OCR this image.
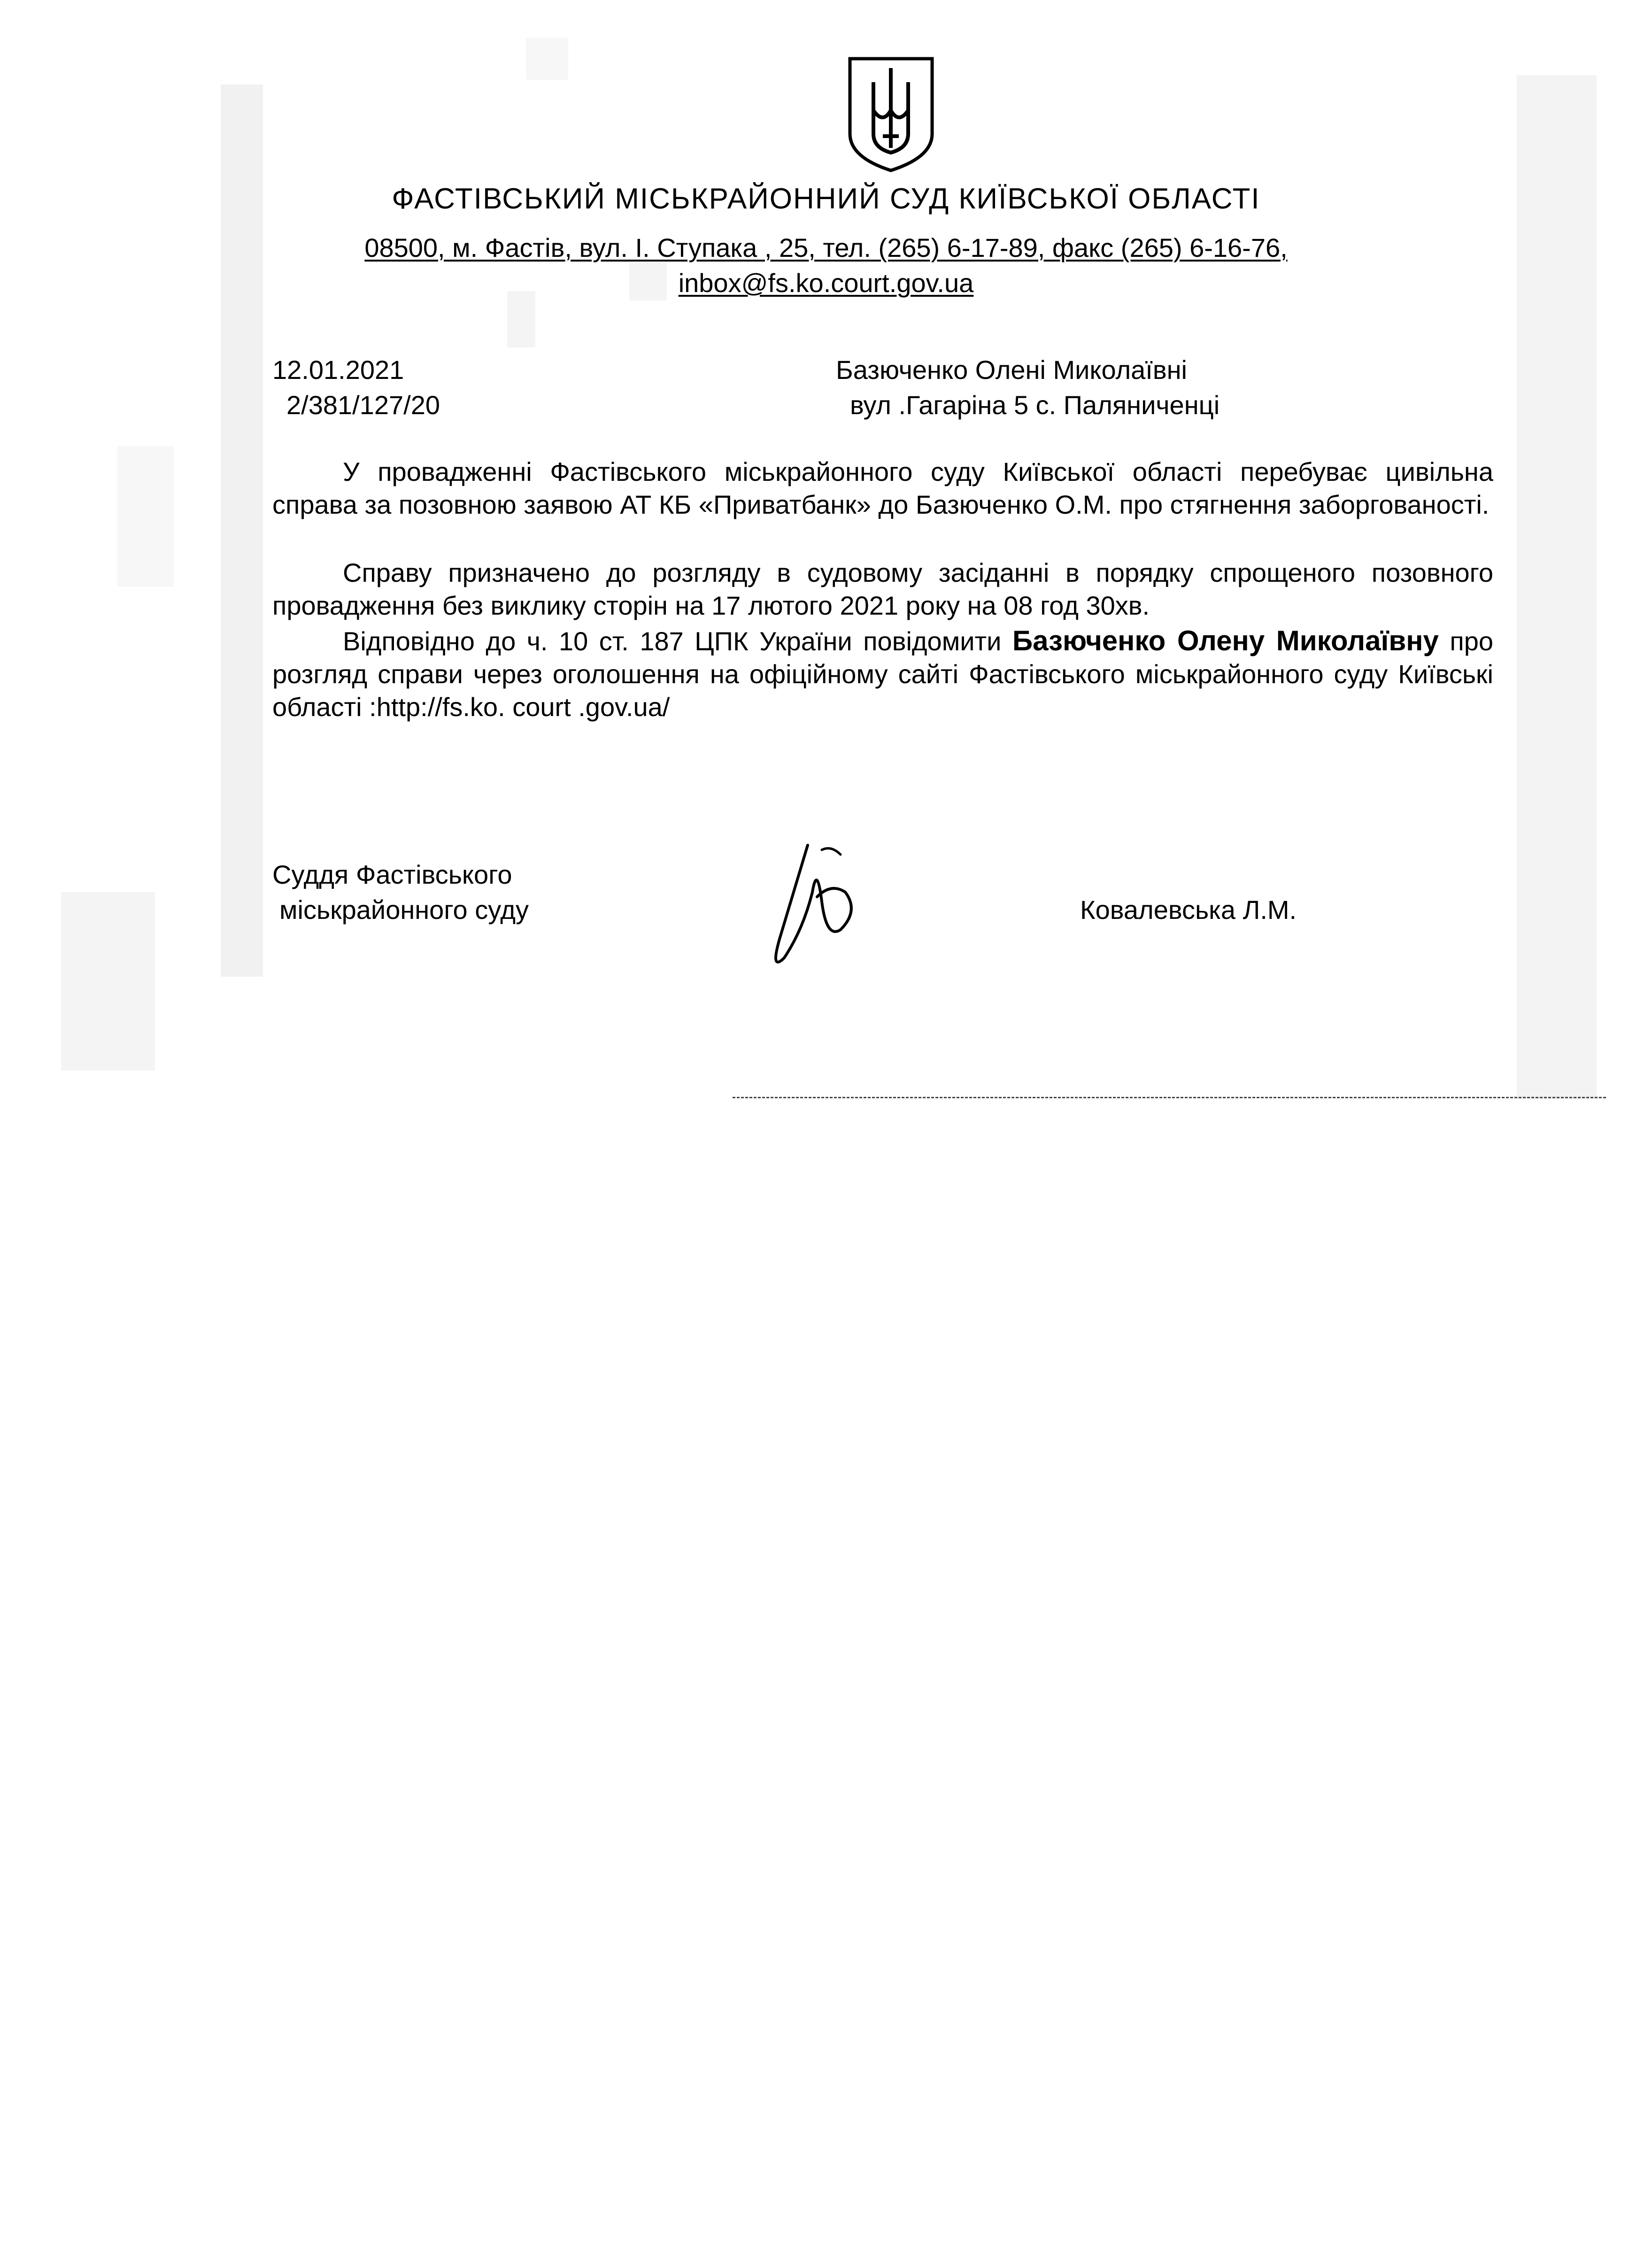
ФАСТІВСЬКИЙ МІСЬКРАЙОННИЙ СУД КИЇВСЬКОЇ ОБЛАСТІ
08500, м. Фастів, вул. І. Ступака , 25, тел. (265) 6-17-89, факс (265) 6-16-76,
inbox@fs.ko.court.gov.ua
12.01.2021
2/381/127/20
Базюченко Олені Миколаївні
вул .Гагаріна 5 с. Паляниченці
У провадженні Фастівського міськрайонного суду Київської області перебуває цивільна справа за позовною заявою АТ КБ «Приватбанк» до Базюченко О.М. про стягнення заборгованості.
Справу призначено до розгляду в судовому засіданні в порядку спрощеного позовного провадження без виклику сторін на 17 лютого 2021 року на 08 год 30хв.
Відповідно до ч. 10 ст. 187 ЦПК України повідомити Базюченко Олену Миколаївну про розгляд справи через оголошення на офіційному сайті Фастівського міськрайонного суду Київські області :http://fs.ko. court .gov.ua/
Суддя Фастівського
міськрайонного суду	Ковалевська Л.М.
